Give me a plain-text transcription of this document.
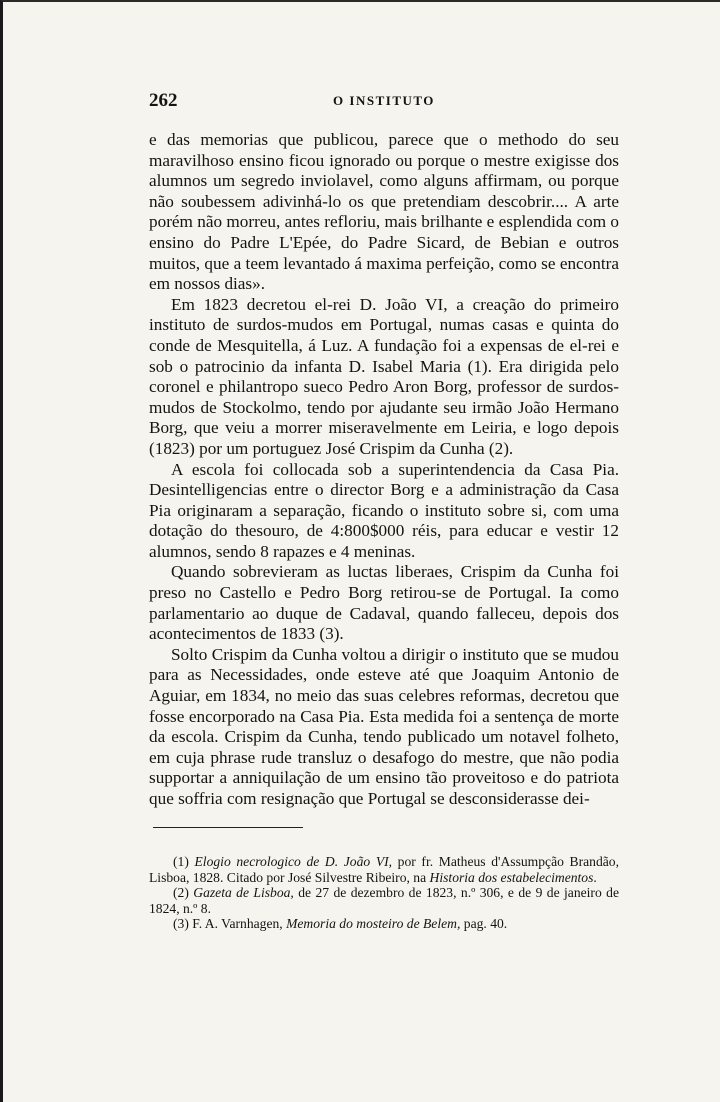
262	O INSTITUTO

e das memorias que publicou, parece que o methodo do seu maravilhoso ensino ficou ignorado ou porque o mestre exigisse dos alumnos um segredo inviolavel, como alguns affirmam, ou porque não soubessem adivinhá-lo os que pretendiam descobrir.... A arte porém não morreu, antes refloriu, mais brilhante e esplendida com o ensino do Padre L'Epée, do Padre Sicard, de Bebian e outros muitos, que a teem levantado á maxima perfeição, como se encontra em nossos dias».

Em 1823 decretou el-rei D. João VI, a creação do primeiro instituto de surdos-mudos em Portugal, numas casas e quinta do conde de Mesquitella, á Luz. A fundação foi a expensas de el-rei e sob o patrocinio da infanta D. Isabel Maria (1). Era dirigida pelo coronel e philantropo sueco Pedro Aron Borg, professor de surdos-mudos de Stockolmo, tendo por ajudante seu irmão João Hermano Borg, que veiu a morrer miseravelmente em Leiria, e logo depois (1823) por um portuguez José Crispim da Cunha (2).

A escola foi collocada sob a superintendencia da Casa Pia. Desintelligencias entre o director Borg e a administração da Casa Pia originaram a separação, ficando o instituto sobre si, com uma dotação do thesouro, de 4:800$000 réis, para educar e vestir 12 alumnos, sendo 8 rapazes e 4 meninas.

Quando sobrevieram as luctas liberaes, Crispim da Cunha foi preso no Castello e Pedro Borg retirou-se de Portugal. Ia como parlamentario ao duque de Cadaval, quando falleceu, depois dos acontecimentos de 1833 (3).

Solto Crispim da Cunha voltou a dirigir o instituto que se mudou para as Necessidades, onde esteve até que Joaquim Antonio de Aguiar, em 1834, no meio das suas celebres reformas, decretou que fosse encorporado na Casa Pia. Esta medida foi a sentença de morte da escola. Crispim da Cunha, tendo publicado um notavel folheto, em cuja phrase rude transluz o desafogo do mestre, que não podia supportar a anniquilação de um ensino tão proveitoso e do patriota que soffria com resignação que Portugal se desconsiderasse dei-

(1) Elogio necrologico de D. João VI, por fr. Matheus d'Assumpção Brandão, Lisboa, 1828. Citado por José Silvestre Ribeiro, na Historia dos estabelecimentos.

(2) Gazeta de Lisboa, de 27 de dezembro de 1823, n.º 306, e de 9 de janeiro de 1824, n.º 8.

(3) F. A. Varnhagen, Memoria do mosteiro de Belem, pag. 40.
